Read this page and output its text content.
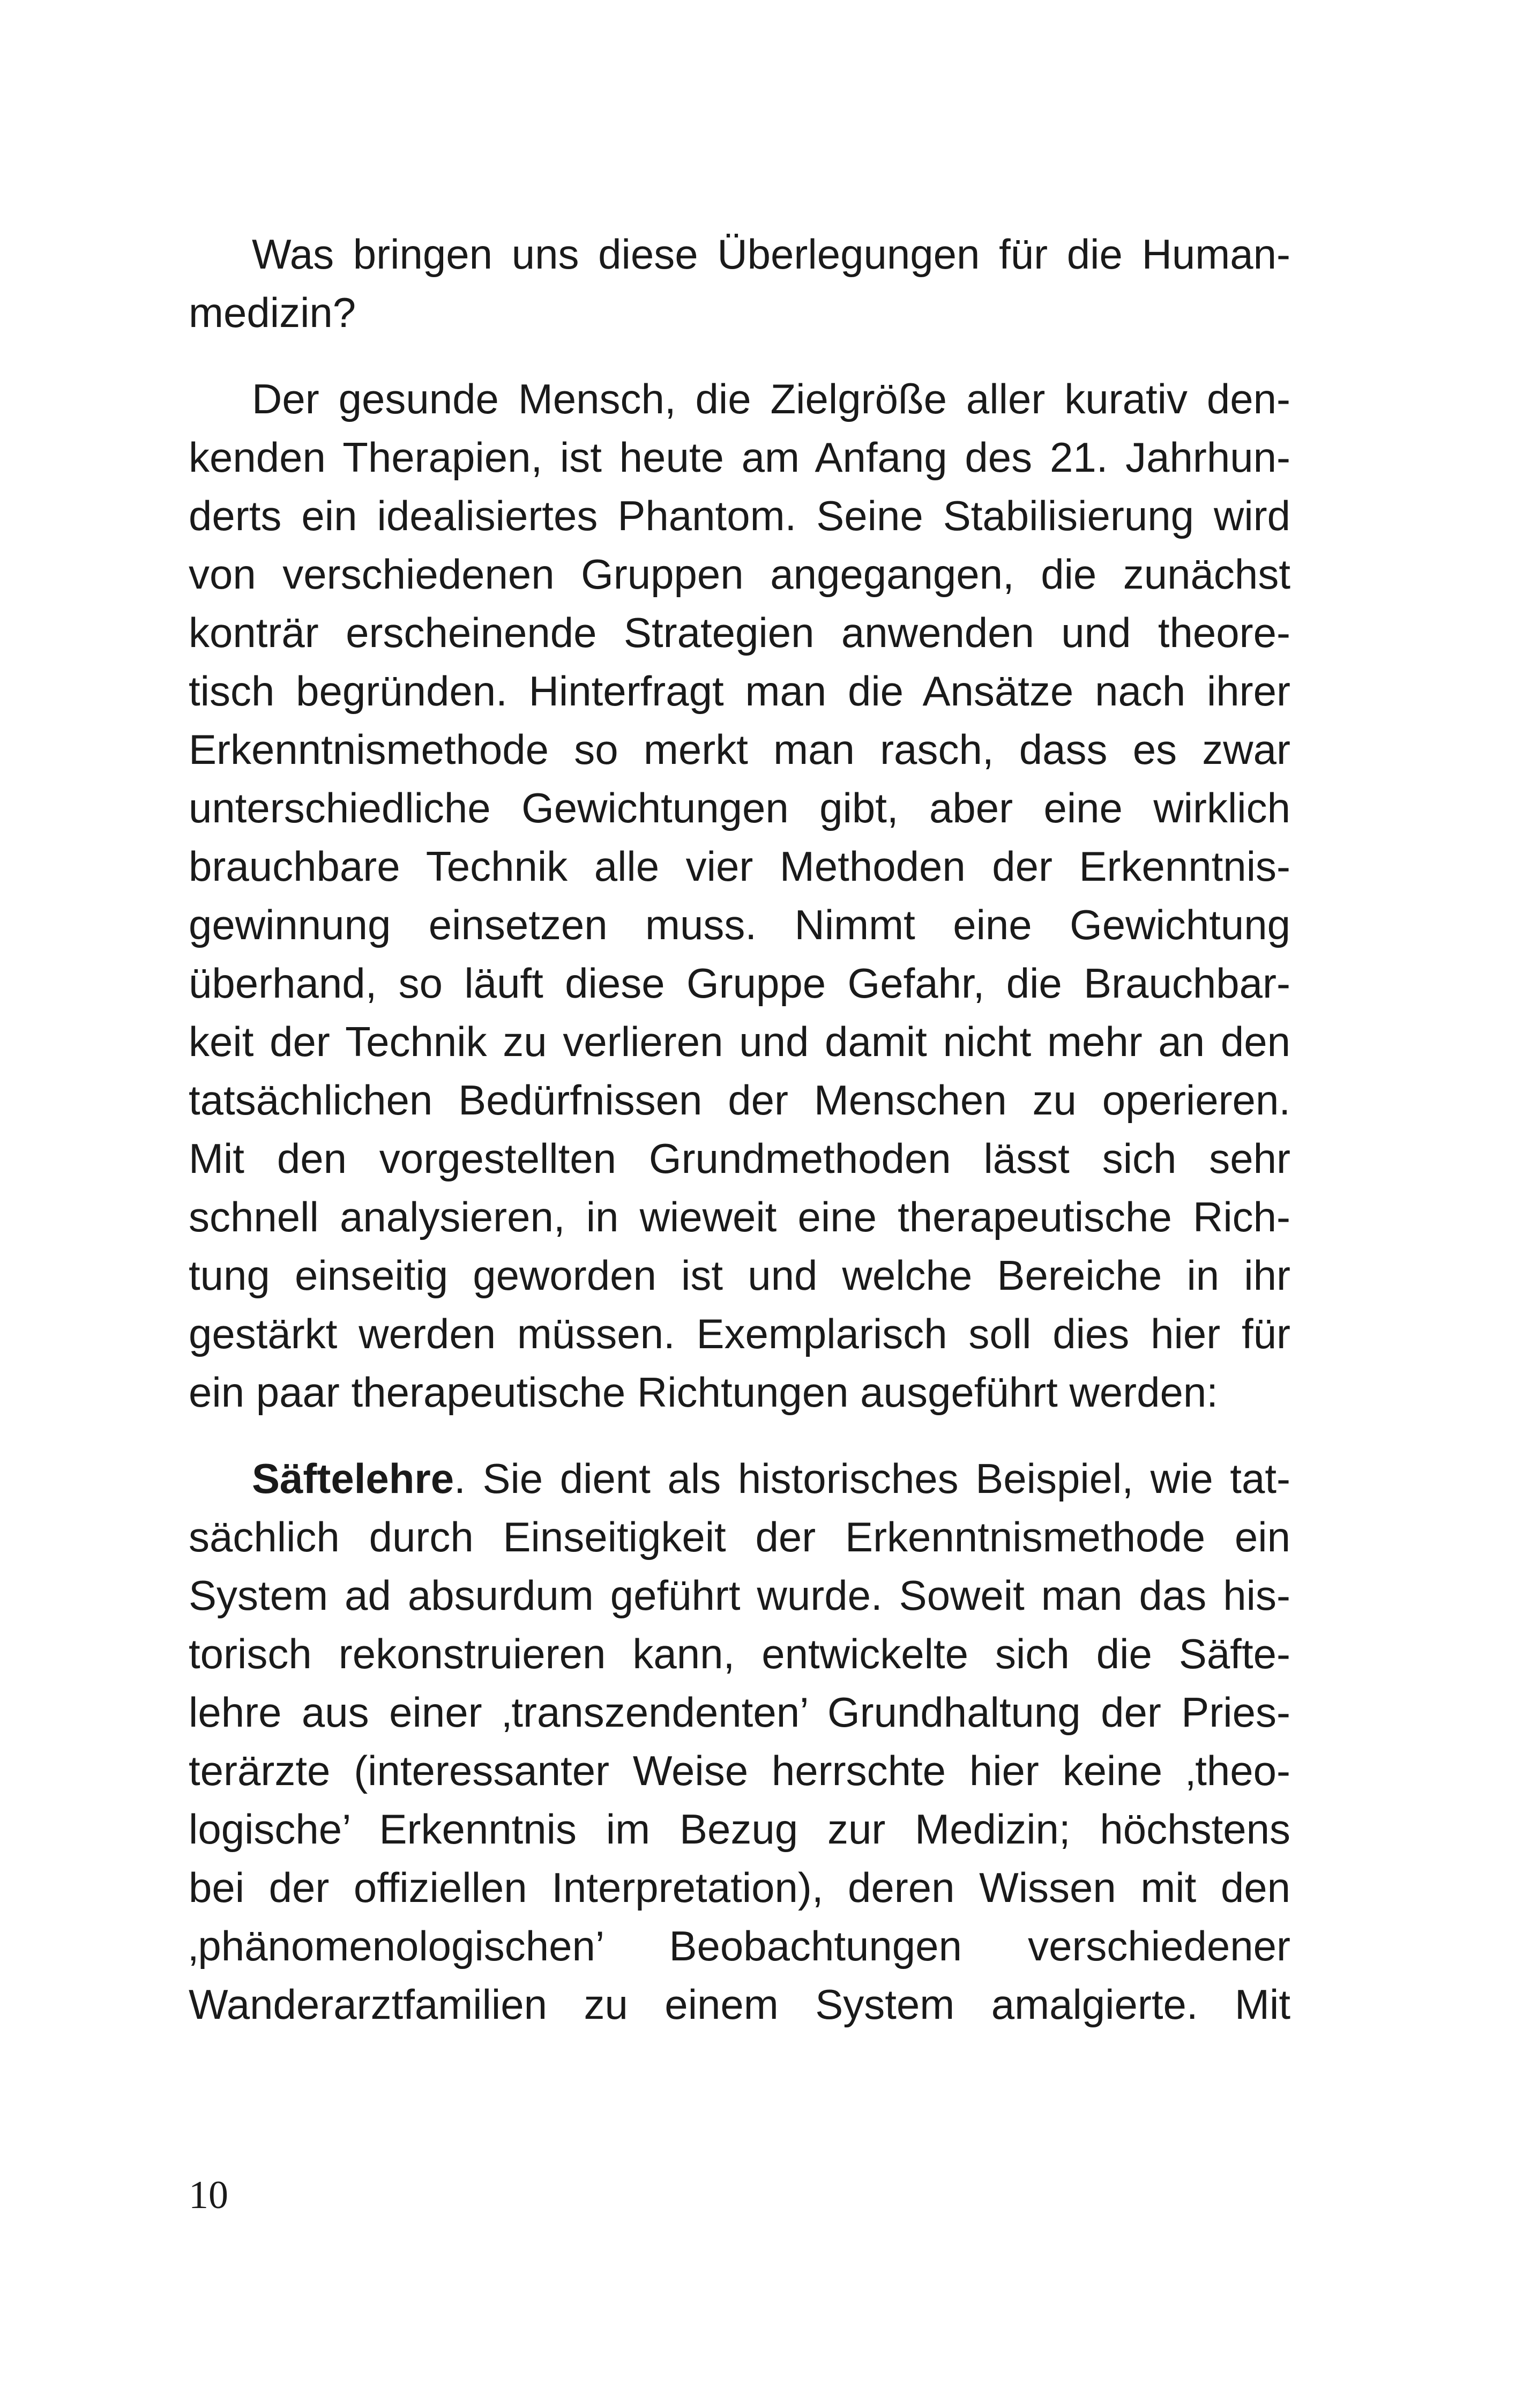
Was bringen uns diese Überlegungen für die Human-
medizin?
Der gesunde Mensch, die Zielgröße aller kurativ den-
kenden Therapien, ist heute am Anfang des 21. Jahrhun-
derts ein idealisiertes Phantom. Seine Stabilisierung wird
von verschiedenen Gruppen angegangen, die zunächst
konträr erscheinende Strategien anwenden und theore-
tisch begründen. Hinterfragt man die Ansätze nach ihrer
Erkenntnismethode so merkt man rasch, dass es zwar
unterschiedliche Gewichtungen gibt, aber eine wirklich
brauchbare Technik alle vier Methoden der Erkenntnis-
gewinnung einsetzen muss. Nimmt eine Gewichtung
überhand, so läuft diese Gruppe Gefahr, die Brauchbar-
keit der Technik zu verlieren und damit nicht mehr an den
tatsächlichen Bedürfnissen der Menschen zu operieren.
Mit den vorgestellten Grundmethoden lässt sich sehr
schnell analysieren, in wieweit eine therapeutische Rich-
tung einseitig geworden ist und welche Bereiche in ihr
gestärkt werden müssen. Exemplarisch soll dies hier für
ein paar therapeutische Richtungen ausgeführt werden:
Säftelehre. Sie dient als historisches Beispiel, wie tat-
sächlich durch Einseitigkeit der Erkenntnismethode ein
System ad absurdum geführt wurde. Soweit man das his-
torisch rekonstruieren kann, entwickelte sich die Säfte-
lehre aus einer ‚transzendenten’ Grundhaltung der Pries-
terärzte (interessanter Weise herrschte hier keine ‚theo-
logische’ Erkenntnis im Bezug zur Medizin; höchstens
bei der offiziellen Interpretation), deren Wissen mit den
‚phänomenologischen’ Beobachtungen verschiedener
Wanderarztfamilien zu einem System amalgierte. Mit
10
